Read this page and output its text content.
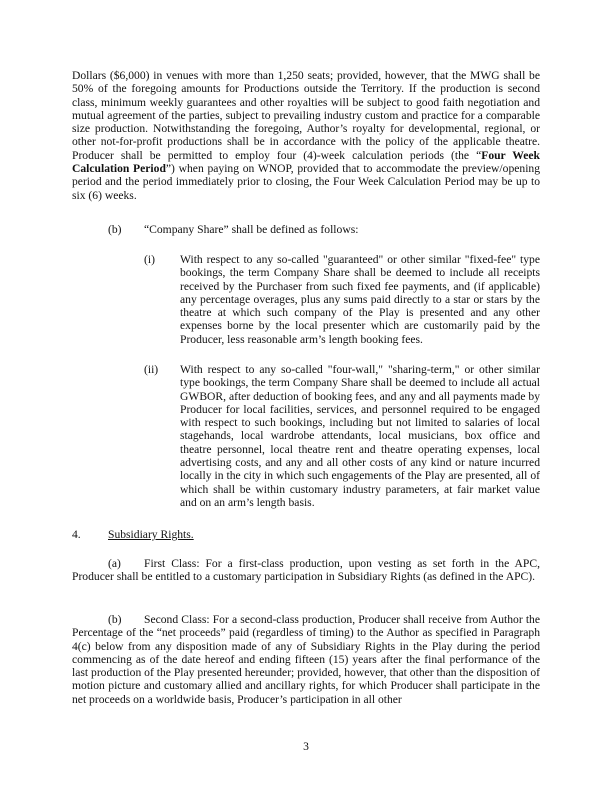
Dollars ($6,000) in venues with more than 1,250 seats; provided, however, that the MWG shall be 50% of the foregoing amounts for Productions outside the Territory. If the production is second class, minimum weekly guarantees and other royalties will be subject to good faith negotiation and mutual agreement of the parties, subject to prevailing industry custom and practice for a comparable size production. Notwithstanding the foregoing, Author’s royalty for developmental, regional, or other not-for-profit productions shall be in accordance with the policy of the applicable theatre. Producer shall be permitted to employ four (4)-week calculation periods (the “Four Week Calculation Period”) when paying on WNOP, provided that to accommodate the preview/opening period and the period immediately prior to closing, the Four Week Calculation Period may be up to six (6) weeks.

(b) “Company Share” shall be defined as follows:
(i) With respect to any so-called "guaranteed" or other similar "fixed-fee" type bookings, the term Company Share shall be deemed to include all receipts received by the Purchaser from such fixed fee payments, and (if applicable) any percentage overages, plus any sums paid directly to a star or stars by the theatre at which such company of the Play is presented and any other expenses borne by the local presenter which are customarily paid by the Producer, less reasonable arm’s length booking fees.

(ii) With respect to any so-called "four-wall," "sharing-term," or other similar type bookings, the term Company Share shall be deemed to include all actual GWBOR, after deduction of booking fees, and any and all payments made by Producer for local facilities, services, and personnel required to be engaged with respect to such bookings, including but not limited to salaries of local stagehands, local wardrobe attendants, local musicians, box office and theatre personnel, local theatre rent and theatre operating expenses, local advertising costs, and any and all other costs of any kind or nature incurred locally in the city in which such engagements of the Play are presented, all of which shall be within customary industry parameters, at fair market value and on an arm’s length basis.

4. Subsidiary Rights.

(a) First Class: For a first-class production, upon vesting as set forth in the APC, Producer shall be entitled to a customary participation in Subsidiary Rights (as defined in the APC).

(b) Second Class: For a second-class production, Producer shall receive from Author the Percentage of the “net proceeds” paid (regardless of timing) to the Author as specified in Paragraph 4(c) below from any disposition made of any of Subsidiary Rights in the Play during the period commencing as of the date hereof and ending fifteen (15) years after the final performance of the last production of the Play presented hereunder; provided, however, that other than the disposition of motion picture and customary allied and ancillary rights, for which Producer shall participate in the net proceeds on a worldwide basis, Producer’s participation in all other

3
